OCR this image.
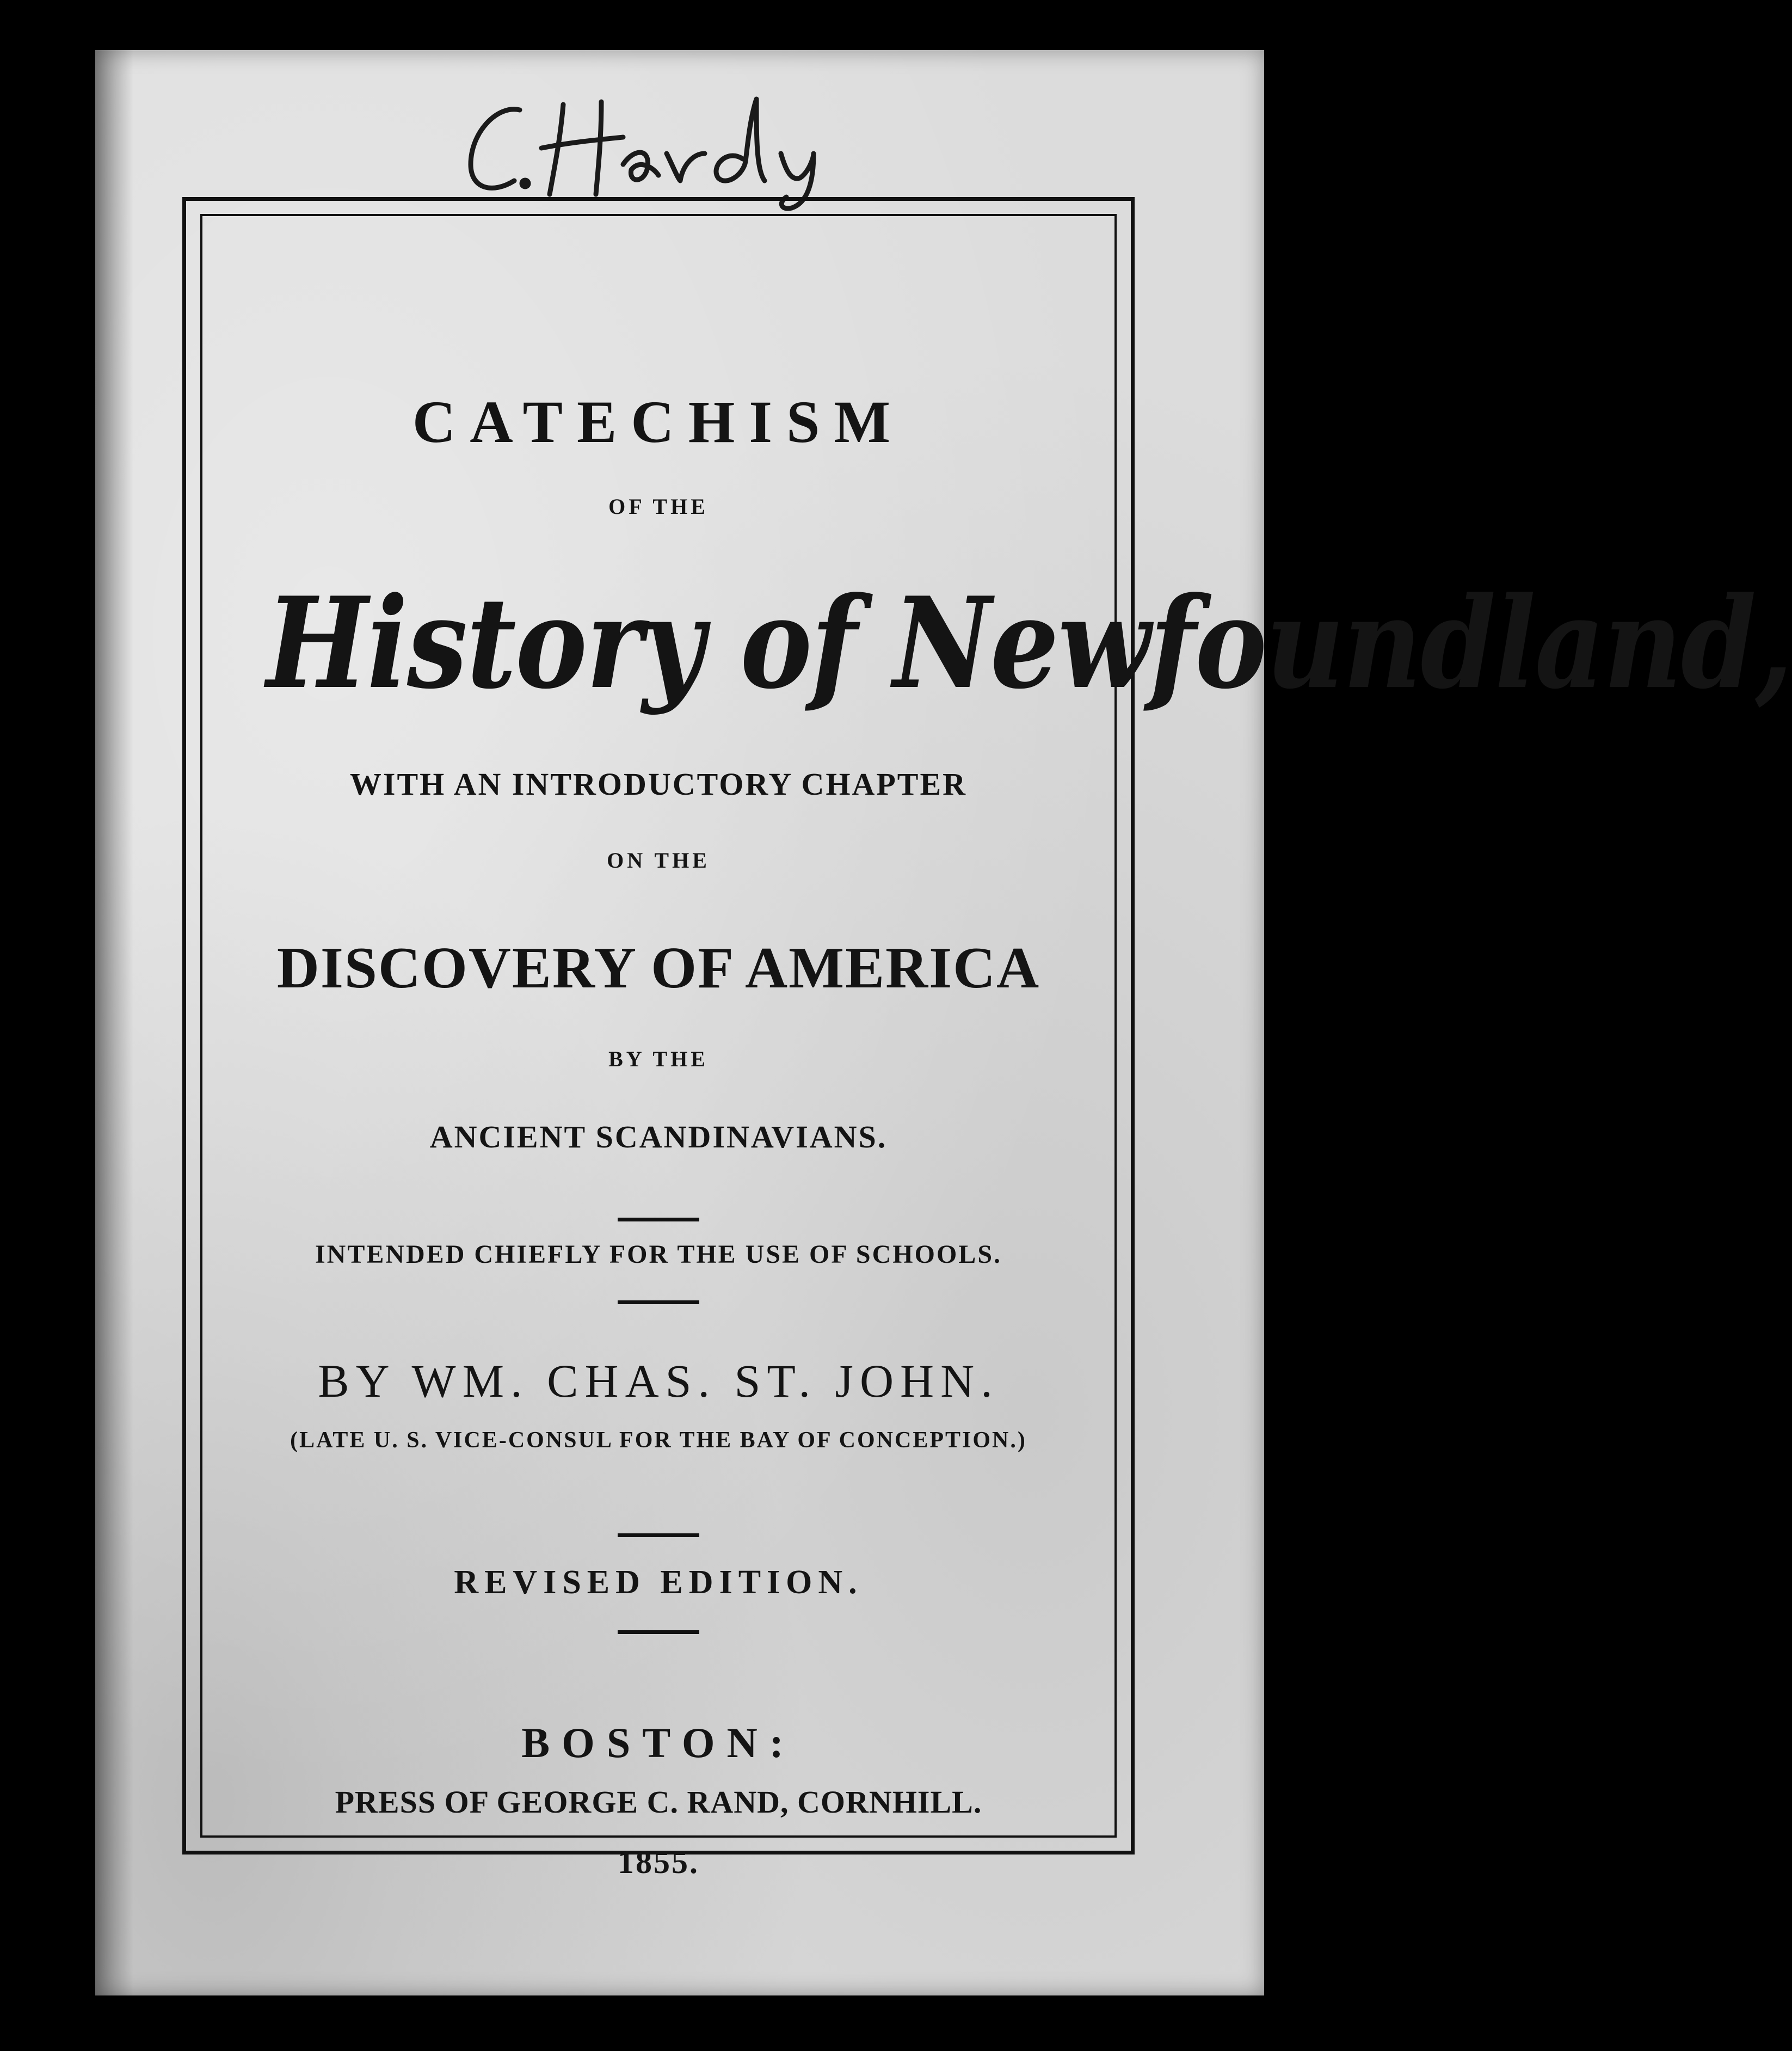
CATECHISM
OF THE
History of Newfoundland,
WITH AN INTRODUCTORY CHAPTER
ON THE
DISCOVERY OF AMERICA
BY THE
ANCIENT SCANDINAVIANS.
INTENDED CHIEFLY FOR THE USE OF SCHOOLS.
BY WM. CHAS. ST. JOHN.
(LATE U. S. VICE-CONSUL FOR THE BAY OF CONCEPTION.)
REVISED EDITION.
BOSTON:
PRESS OF GEORGE C. RAND, CORNHILL.
1855.
